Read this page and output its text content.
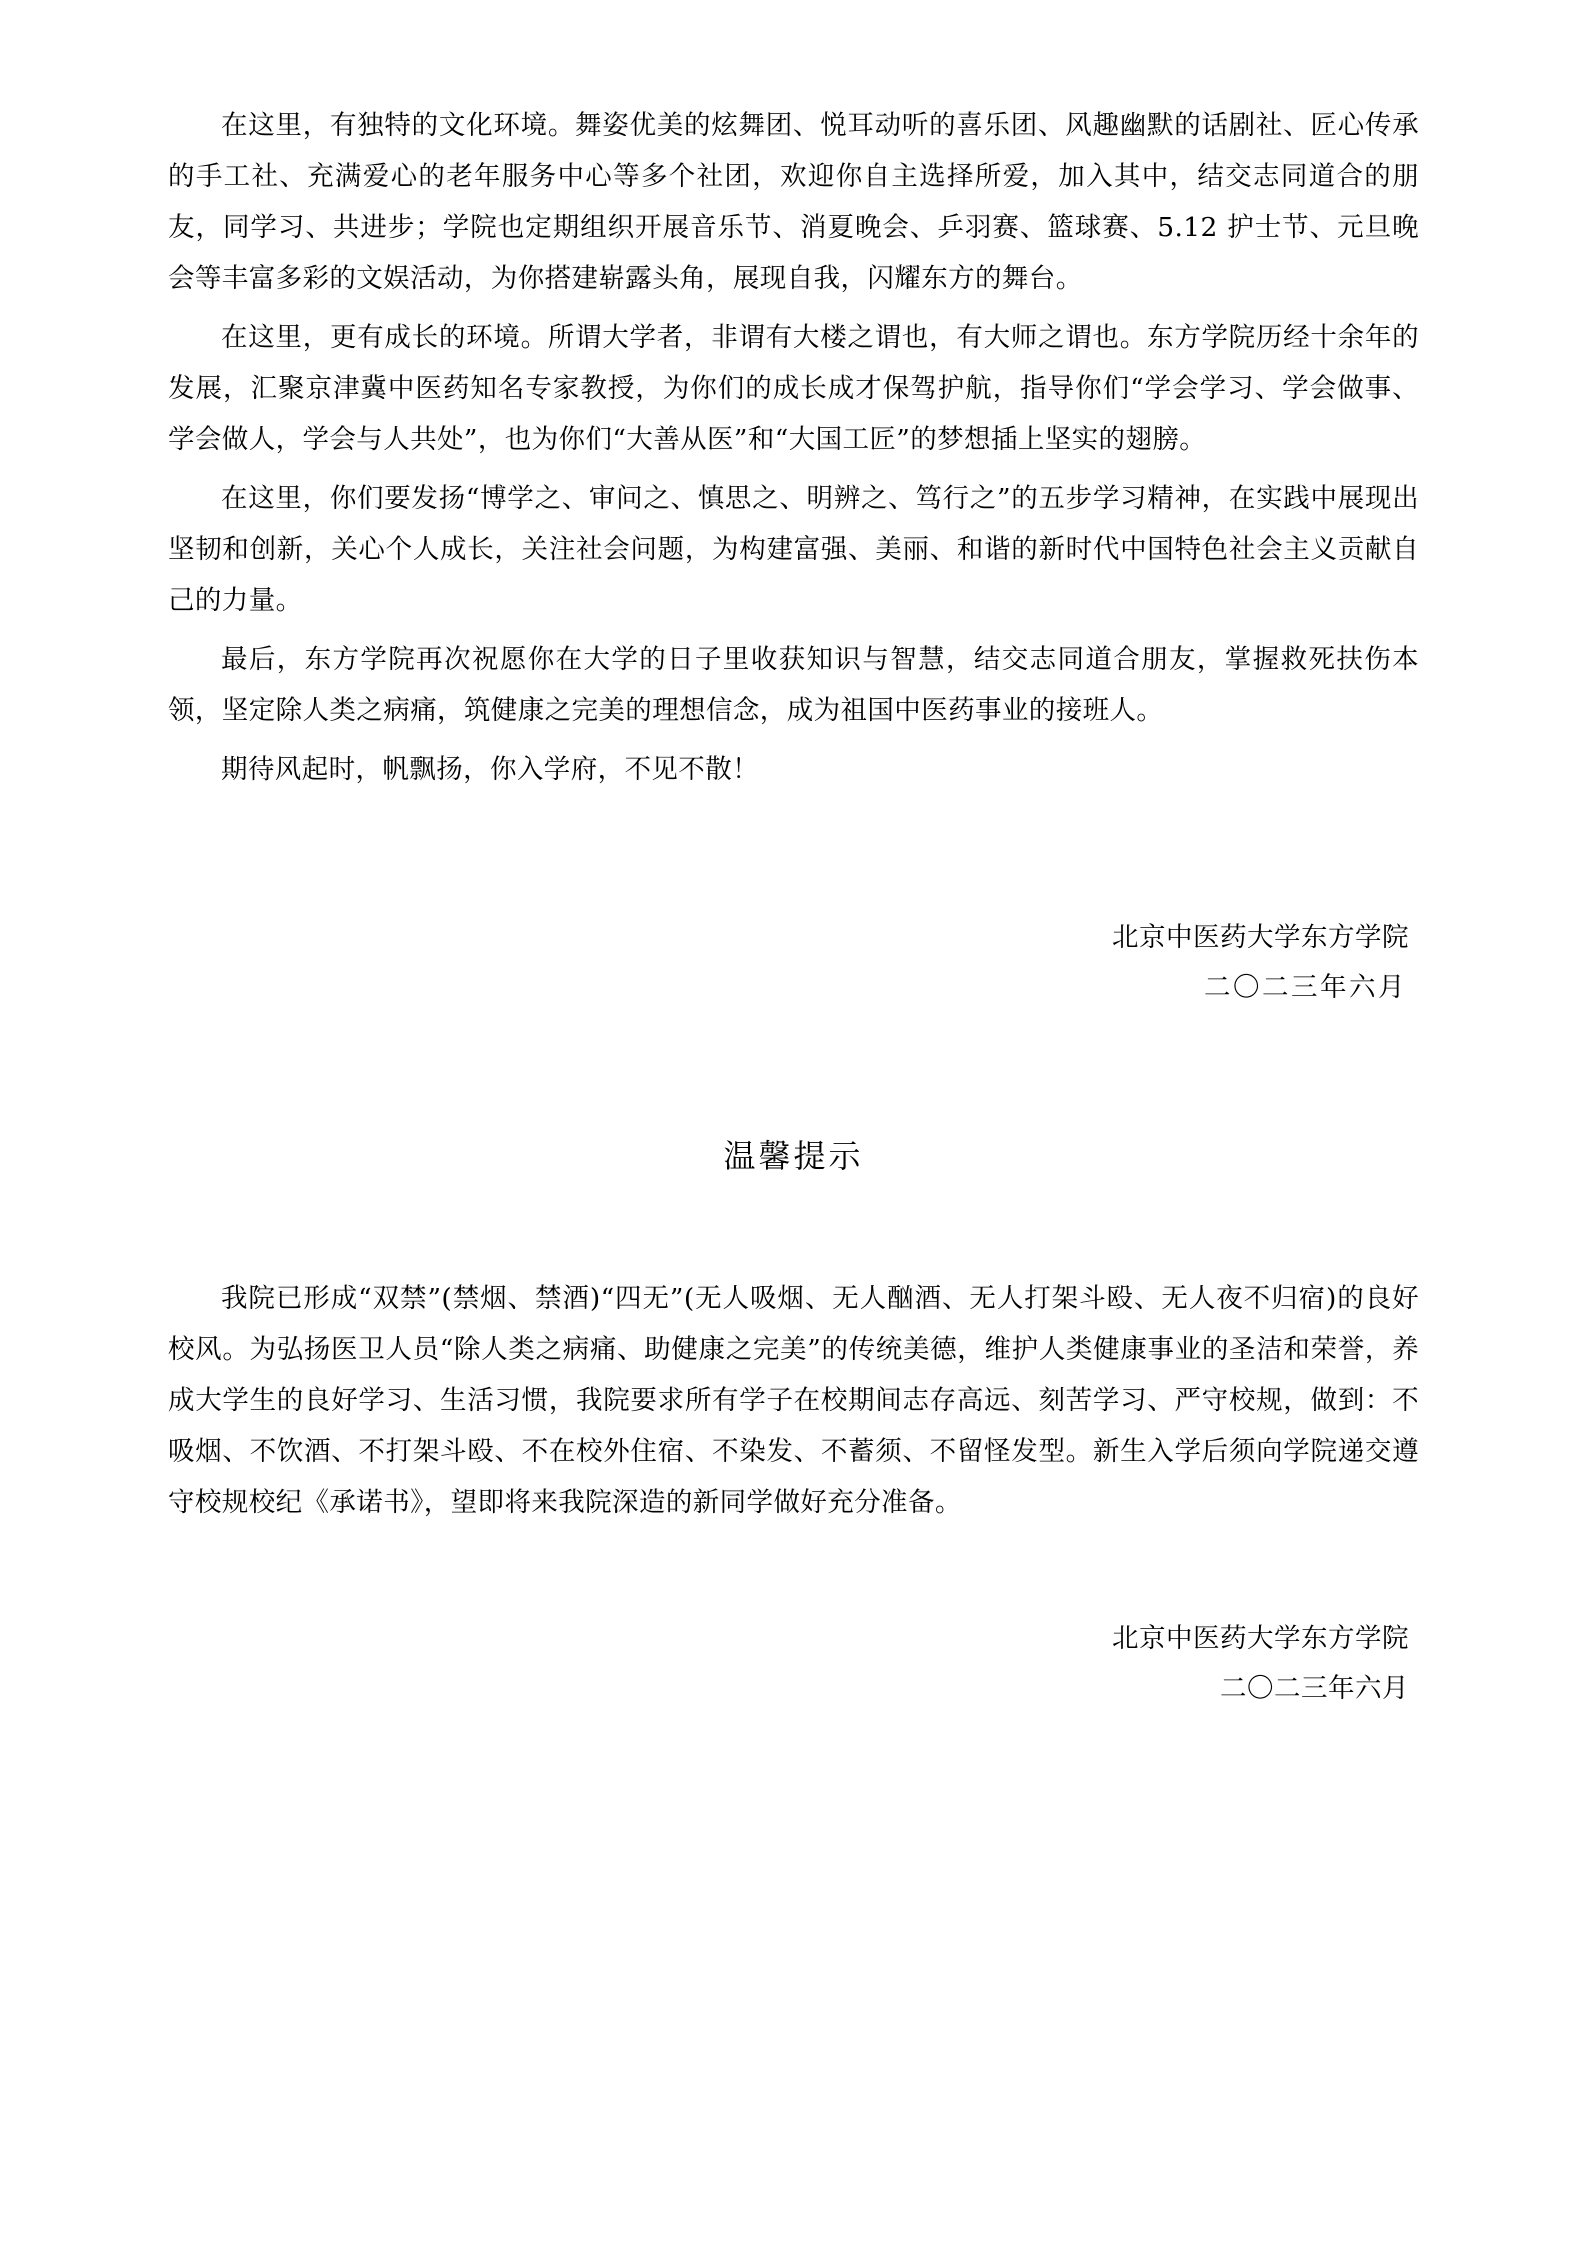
在这里，有独特的文化环境。舞姿优美的炫舞团、悦耳动听的喜乐团、风趣幽默的话剧社、匠心传承的手工社、充满爱心的老年服务中心等多个社团，欢迎你自主选择所爱，加入其中，结交志同道合的朋友，同学习、共进步；学院也定期组织开展音乐节、消夏晚会、乒羽赛、篮球赛、5.12 护士节、元旦晚会等丰富多彩的文娱活动，为你搭建崭露头角，展现自我，闪耀东方的舞台。

在这里，更有成长的环境。所谓大学者，非谓有大楼之谓也，有大师之谓也。东方学院历经十余年的发展，汇聚京津冀中医药知名专家教授，为你们的成长成才保驾护航，指导你们“学会学习、学会做事、学会做人，学会与人共处”，也为你们“大善从医”和“大国工匠”的梦想插上坚实的翅膀。

在这里，你们要发扬“博学之、审问之、慎思之、明辨之、笃行之”的五步学习精神，在实践中展现出坚韧和创新，关心个人成长，关注社会问题，为构建富强、美丽、和谐的新时代中国特色社会主义贡献自己的力量。

最后，东方学院再次祝愿你在大学的日子里收获知识与智慧，结交志同道合朋友，掌握救死扶伤本领，坚定除人类之病痛，筑健康之完美的理想信念，成为祖国中医药事业的接班人。

期待风起时，帆飘扬，你入学府，不见不散！

北京中医药大学东方学院
二〇二三年六月
温馨提示

我院已形成“双禁”(禁烟、禁酒)“四无”(无人吸烟、无人酗酒、无人打架斗殴、无人夜不归宿)的良好校风。为弘扬医卫人员“除人类之病痛、助健康之完美”的传统美德，维护人类健康事业的圣洁和荣誉，养成大学生的良好学习、生活习惯，我院要求所有学子在校期间志存高远、刻苦学习、严守校规，做到：不吸烟、不饮酒、不打架斗殴、不在校外住宿、不染发、不蓄须、不留怪发型。新生入学后须向学院递交遵守校规校纪《承诺书》，望即将来我院深造的新同学做好充分准备。

北京中医药大学东方学院
二〇二三年六月
